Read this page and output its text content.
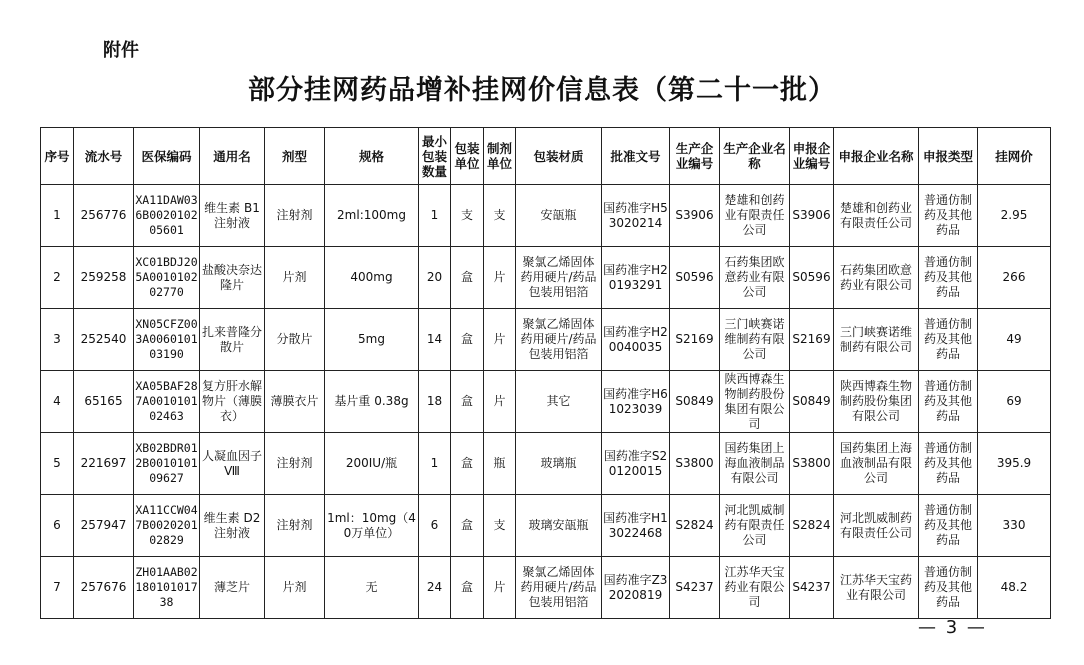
附件
部分挂网药品增补挂网价信息表（第二十一批）
序号	流水号	医保编码	通用名	剂型	规格	最小包装数量	包装单位	制剂单位	包装材质	批准文号	生产企业编号	生产企业名称	申报企业编号	申报企业名称	申报类型	挂网价
1	256776	XA11DAW036B002010205601	维生素 B1注射液	注射剂	2ml:100mg	1	支	支	安瓿瓶	国药准字H53020214	S3906	楚雄和创药业有限责任公司	S3906	楚雄和创药业有限责任公司	普通仿制药及其他药品	2.95
2	259258	XC01BDJ205A001010202770	盐酸决奈达隆片	片剂	400mg	20	盒	片	聚氯乙烯固体药用硬片/药品包装用铝箔	国药准字H20193291	S0596	石药集团欧意药业有限公司	S0596	石药集团欧意药业有限公司	普通仿制药及其他药品	266
3	252540	XN05CFZ003A006010103190	扎来普隆分散片	分散片	5mg	14	盒	片	聚氯乙烯固体药用硬片/药品包装用铝箔	国药准字H20040035	S2169	三门峡赛诺维制药有限公司	S2169	三门峡赛诺维制药有限公司	普通仿制药及其他药品	49
4	65165	XA05BAF287A001010102463	复方肝水解物片（薄膜衣）	薄膜衣片	基片重 0.38g	18	盒	片	其它	国药准字H61023039	S0849	陕西博森生物制药股份集团有限公司	S0849	陕西博森生物制药股份集团有限公司	普通仿制药及其他药品	69
5	221697	XB02BDR012B001010109627	人凝血因子Ⅷ	注射剂	200IU/瓶	1	盒	瓶	玻璃瓶	国药准字S20120015	S3800	国药集团上海血液制品有限公司	S3800	国药集团上海血液制品有限公司	普通仿制药及其他药品	395.9
6	257947	XA11CCW047B002020102829	维生素 D2注射液	注射剂	1ml：10mg（40万单位）	6	盒	支	玻璃安瓿瓶	国药准字H13022468	S2824	河北凯威制药有限责任公司	S2824	河北凯威制药有限责任公司	普通仿制药及其他药品	330
7	257676	ZH01AAB0218010101738	薄芝片	片剂	无	24	盒	片	聚氯乙烯固体药用硬片/药品包装用铝箔	国药准字Z32020819	S4237	江苏华天宝药业有限公司	S4237	江苏华天宝药业有限公司	普通仿制药及其他药品	48.2
— 3 —
